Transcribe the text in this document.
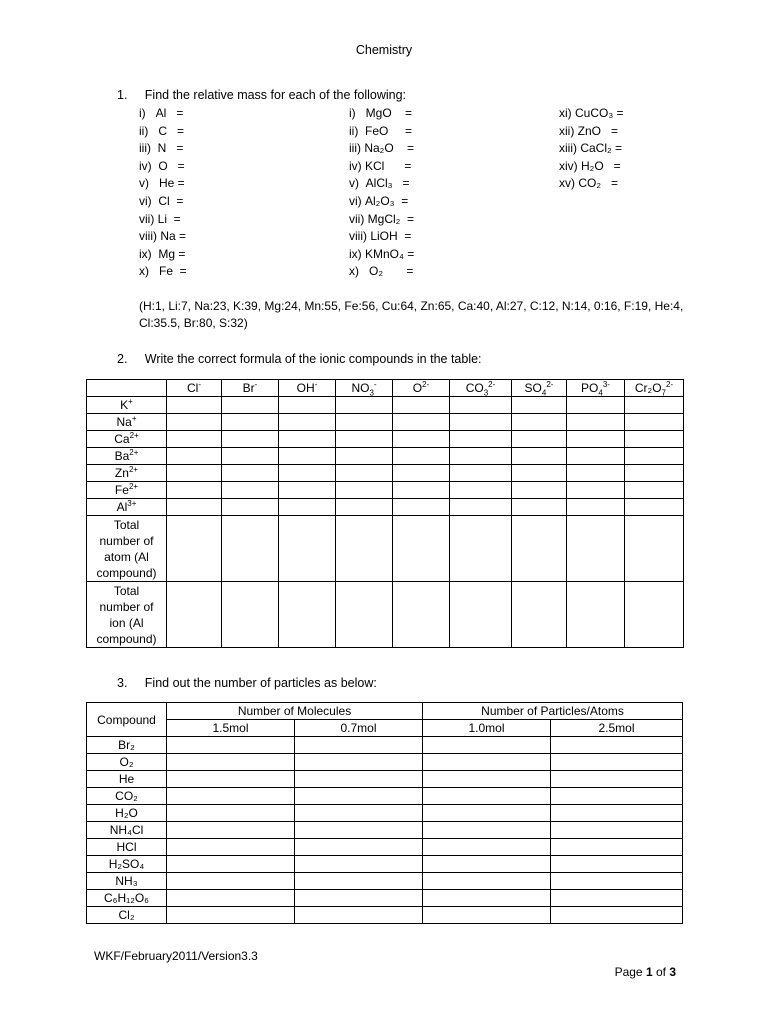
Chemistry
1.     Find the relative mass for each of the following:
i)   Al   =
ii)   C   =
iii)  N   =
iv)  O   =
v)   He =
vi)  Cl  =
vii) Li  =
viii) Na =
ix)  Mg =
x)   Fe  =
i)   MgO    =
ii)  FeO     =
iii) Na₂O    =
iv) KCl      =
v)  AlCl₃   =
vi) Al₂O₃  =
vii) MgCl₂  =
viii) LiOH  =
ix) KMnO₄ =
x)   O₂       =
xi) CuCO₃ =
xii) ZnO   =
xiii) CaCl₂ =
xiv) H₂O   =
xv) CO₂   =
(H:1, Li:7, Na:23, K:39, Mg:24, Mn:55, Fe:56, Cu:64, Zn:65, Ca:40, Al:27, C:12, N:14, 0:16, F:19, He:4, Cl:35.5, Br:80, S:32)
2.     Write the correct formula of the ionic compounds in the table:
	Cl-	Br-	OH-	$NO_3^-$	$O^{2-}$	$CO_3^{2-}$	$SO_4^{2-}$	$PO_4^{3-}$	$Cr_2O_7^{2-}$
K+									
Na+									
$Ca^{2+}$									
$Ba^{2+}$									
$Zn^{2+}$									
$Fe^{2+}$									
$Al^{3+}$									

Total
number of
atom (Al
compound)									

Total
number of
ion (Al
compound)									

3.     Find out the number of particles as below:
Compound	Number of Molecules		Number of Particles/Atoms	
	1.5mol	0.7mol	1.0mol	2.5mol
Br₂				
O₂				
He				
CO₂				
H₂O				
NH₄Cl				
HCl				
H₂SO₄				
NH₃				
C₆H₁₂O₆				
Cl₂				
WKF/February2011/Version3.3
Page 1 of 3
